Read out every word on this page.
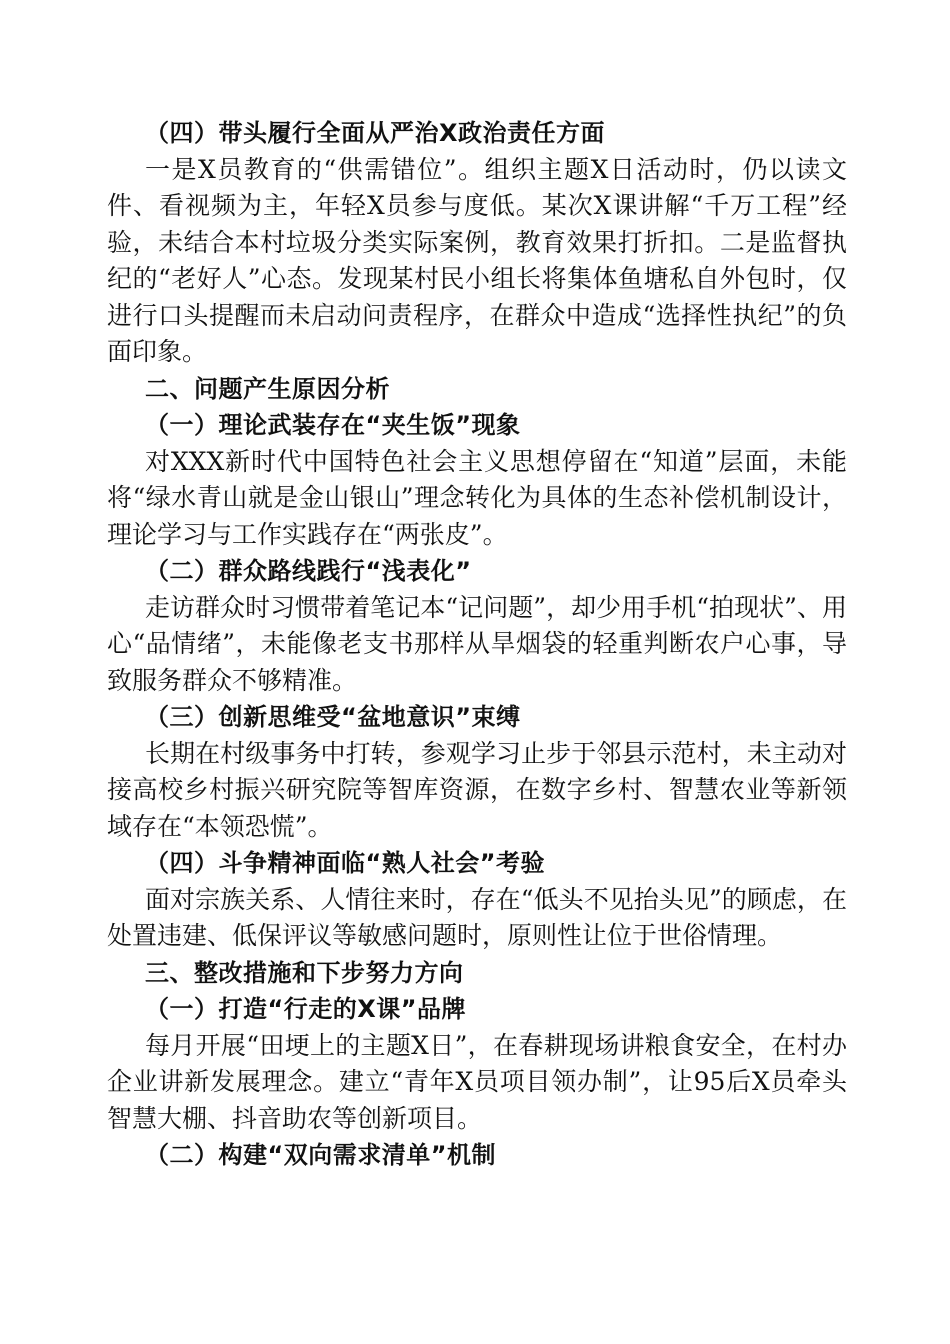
（四）带头履行全面从严治X政治责任方面
一是X员教育的“供需错位”。组织主题X日活动时，仍以读文件、看视频为主，年轻X员参与度低。某次X课讲解“千万工程”经验，未结合本村垃圾分类实际案例，教育效果打折扣。二是监督执纪的“老好人”心态。发现某村民小组长将集体鱼塘私自外包时，仅进行口头提醒而未启动问责程序，在群众中造成“选择性执纪”的负面印象。
二、问题产生原因分析
（一）理论武装存在“夹生饭”现象
对XXX新时代中国特色社会主义思想停留在“知道”层面，未能将“绿水青山就是金山银山”理念转化为具体的生态补偿机制设计，理论学习与工作实践存在“两张皮”。
（二）群众路线践行“浅表化”
走访群众时习惯带着笔记本“记问题”，却少用手机“拍现状”、用心“品情绪”，未能像老支书那样从旱烟袋的轻重判断农户心事，导致服务群众不够精准。
（三）创新思维受“盆地意识”束缚
长期在村级事务中打转，参观学习止步于邻县示范村，未主动对接高校乡村振兴研究院等智库资源，在数字乡村、智慧农业等新领域存在“本领恐慌”。
（四）斗争精神面临“熟人社会”考验
面对宗族关系、人情往来时，存在“低头不见抬头见”的顾虑，在处置违建、低保评议等敏感问题时，原则性让位于世俗情理。
三、整改措施和下步努力方向
（一）打造“行走的X课”品牌
每月开展“田埂上的主题X日”，在春耕现场讲粮食安全，在村办企业讲新发展理念。建立“青年X员项目领办制”，让95后X员牵头智慧大棚、抖音助农等创新项目。
（二）构建“双向需求清单”机制
